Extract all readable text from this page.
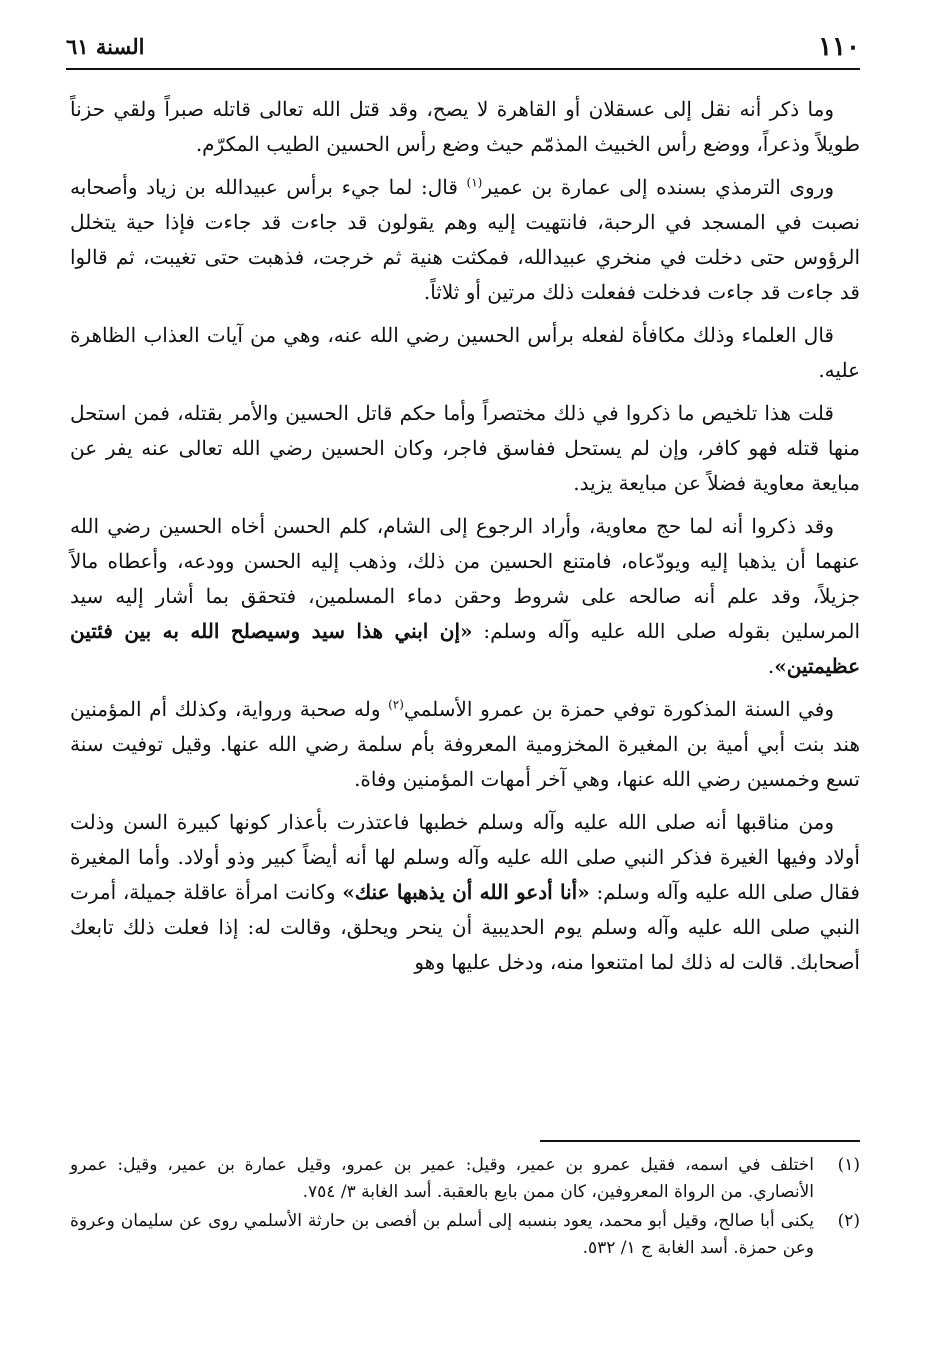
١١٠
السنة ٦١

وما ذكر أنه نقل إلى عسقلان أو القاهرة لا يصح، وقد قتل الله تعالى قاتله صبراً ولقي حزناً طويلاً وذعراً، ووضع رأس الخبيث المذمّم حيث وضع رأس الحسين الطيب المكرّم.

وروى الترمذي بسنده إلى عمارة بن عمير$^{(١)}$ قال: لما جيء برأس عبيدالله بن زياد وأصحابه نصبت في المسجد في الرحبة، فانتهيت إليه وهم يقولون قد جاءت قد جاءت فإذا حية يتخلل الرؤوس حتى دخلت في منخري عبيدالله، فمكثت هنية ثم خرجت، فذهبت حتى تغيبت، ثم قالوا قد جاءت قد جاءت فدخلت ففعلت ذلك مرتين أو ثلاثاً.

قال العلماء وذلك مكافأة لفعله برأس الحسين رضي الله عنه، وهي من آيات العذاب الظاهرة عليه.

قلت هذا تلخيص ما ذكروا في ذلك مختصراً وأما حكم قاتل الحسين والأمر بقتله، فمن استحل منها قتله فهو كافر، وإن لم يستحل ففاسق فاجر، وكان الحسين رضي الله تعالى عنه يفر عن مبايعة معاوية فضلاً عن مبايعة يزيد.

وقد ذكروا أنه لما حج معاوية، وأراد الرجوع إلى الشام، كلم الحسن أخاه الحسين رضي الله عنهما أن يذهبا إليه ويودّعاه، فامتنع الحسين من ذلك، وذهب إليه الحسن وودعه، وأعطاه مالاً جزيلاً، وقد علم أنه صالحه على شروط وحقن دماء المسلمين، فتحقق بما أشار إليه سيد المرسلين بقوله صلى الله عليه وآله وسلم: «إن ابني هذا سيد وسيصلح الله به بين فئتين عظيمتين».

وفي السنة المذكورة توفي حمزة بن عمرو الأسلمي$^{(٢)}$ وله صحبة ورواية، وكذلك أم المؤمنين هند بنت أبي أمية بن المغيرة المخزومية المعروفة بأم سلمة رضي الله عنها. وقيل توفيت سنة تسع وخمسين رضي الله عنها، وهي آخر أمهات المؤمنين وفاة.

ومن مناقبها أنه صلى الله عليه وآله وسلم خطبها فاعتذرت بأعذار كونها كبيرة السن وذلت أولاد وفيها الغيرة فذكر النبي صلى الله عليه وآله وسلم لها أنه أيضاً كبير وذو أولاد. وأما المغيرة فقال صلى الله عليه وآله وسلم: «أنا أدعو الله أن يذهبها عنك» وكانت امرأة عاقلة جميلة، أمرت النبي صلى الله عليه وآله وسلم يوم الحديبية أن ينحر ويحلق، وقالت له: إذا فعلت ذلك تابعك أصحابك. قالت له ذلك لما امتنعوا منه، ودخل عليها وهو

(١)
اختلف في اسمه، فقيل عمرو بن عمير، وقيل: عمير بن عمرو، وقيل عمارة بن عمير، وقيل: عمرو الأنصاري. من الرواة المعروفين، كان ممن بايع بالعقبة. أسد الغابة ٣/ ٧٥٤.
(٢)
يكنى أبا صالح، وقيل أبو محمد، يعود بنسبه إلى أسلم بن أفصى بن حارثة الأسلمي روى عن سليمان وعروة وعن حمزة. أسد الغابة ج ١/ ٥٣٢.
